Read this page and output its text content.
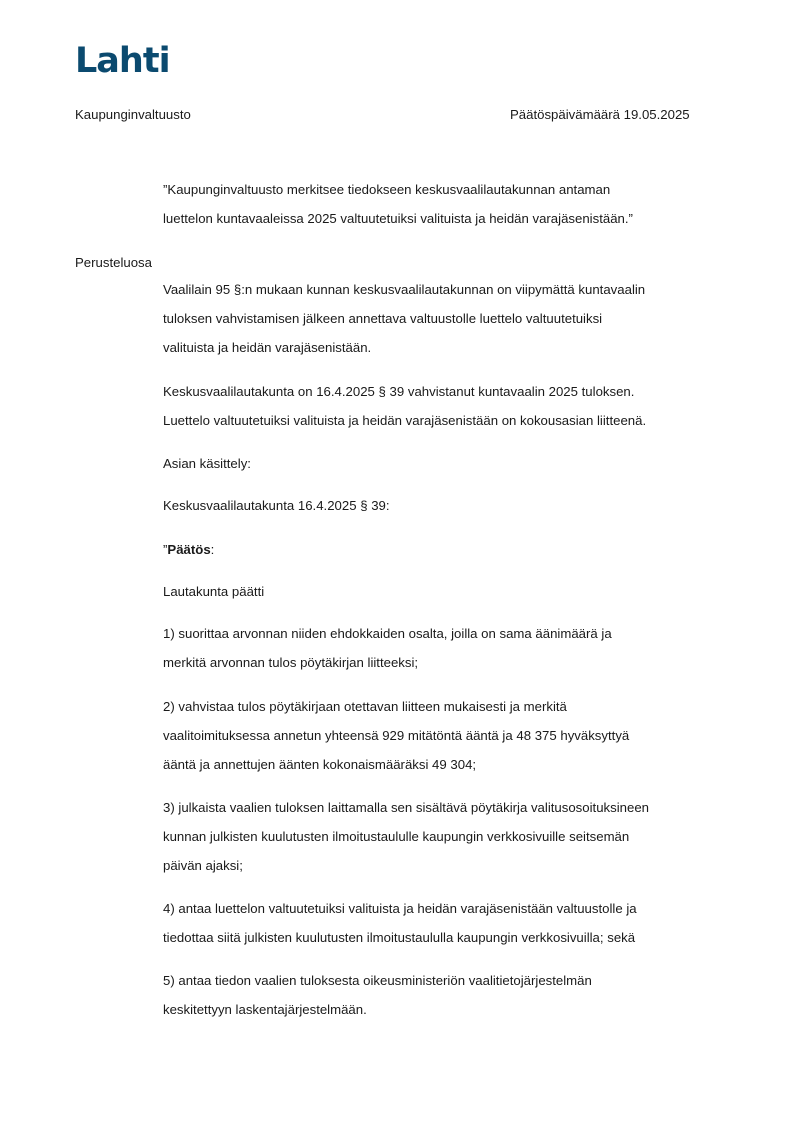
Lahti
Kaupunginvaltuusto	Päätöspäivämäärä 19.05.2025
”Kaupunginvaltuusto merkitsee tiedokseen keskusvaalilautakunnan antaman
luettelon kuntavaaleissa 2025 valtuutetuiksi valituista ja heidän varajäsenistään.”
Perusteluosa
Vaalilain 95 §:n mukaan kunnan keskusvaalilautakunnan on viipymättä kuntavaalin
tuloksen vahvistamisen jälkeen annettava valtuustolle luettelo valtuutetuiksi
valituista ja heidän varajäsenistään.
Keskusvaalilautakunta on 16.4.2025 § 39 vahvistanut kuntavaalin 2025 tuloksen.
Luettelo valtuutetuiksi valituista ja heidän varajäsenistään on kokousasian liitteenä.
Asian käsittely:
Keskusvaalilautakunta 16.4.2025 § 39:
”Päätös:
Lautakunta päätti
1) suorittaa arvonnan niiden ehdokkaiden osalta, joilla on sama äänimäärä ja
merkitä arvonnan tulos pöytäkirjan liitteeksi;
2) vahvistaa tulos pöytäkirjaan otettavan liitteen mukaisesti ja merkitä
vaalitoimituksessa annetun yhteensä 929 mitätöntä ääntä ja 48 375 hyväksyttyä
ääntä ja annettujen äänten kokonaismääräksi 49 304;
3) julkaista vaalien tuloksen laittamalla sen sisältävä pöytäkirja valitusosoituksineen
kunnan julkisten kuulutusten ilmoitustaululle kaupungin verkkosivuille seitsemän
päivän ajaksi;
4) antaa luettelon valtuutetuiksi valituista ja heidän varajäsenistään valtuustolle ja
tiedottaa siitä julkisten kuulutusten ilmoitustaululla kaupungin verkkosivuilla; sekä
5) antaa tiedon vaalien tuloksesta oikeusministeriön vaalitietojärjestelmän
keskitettyyn laskentajärjestelmään.
